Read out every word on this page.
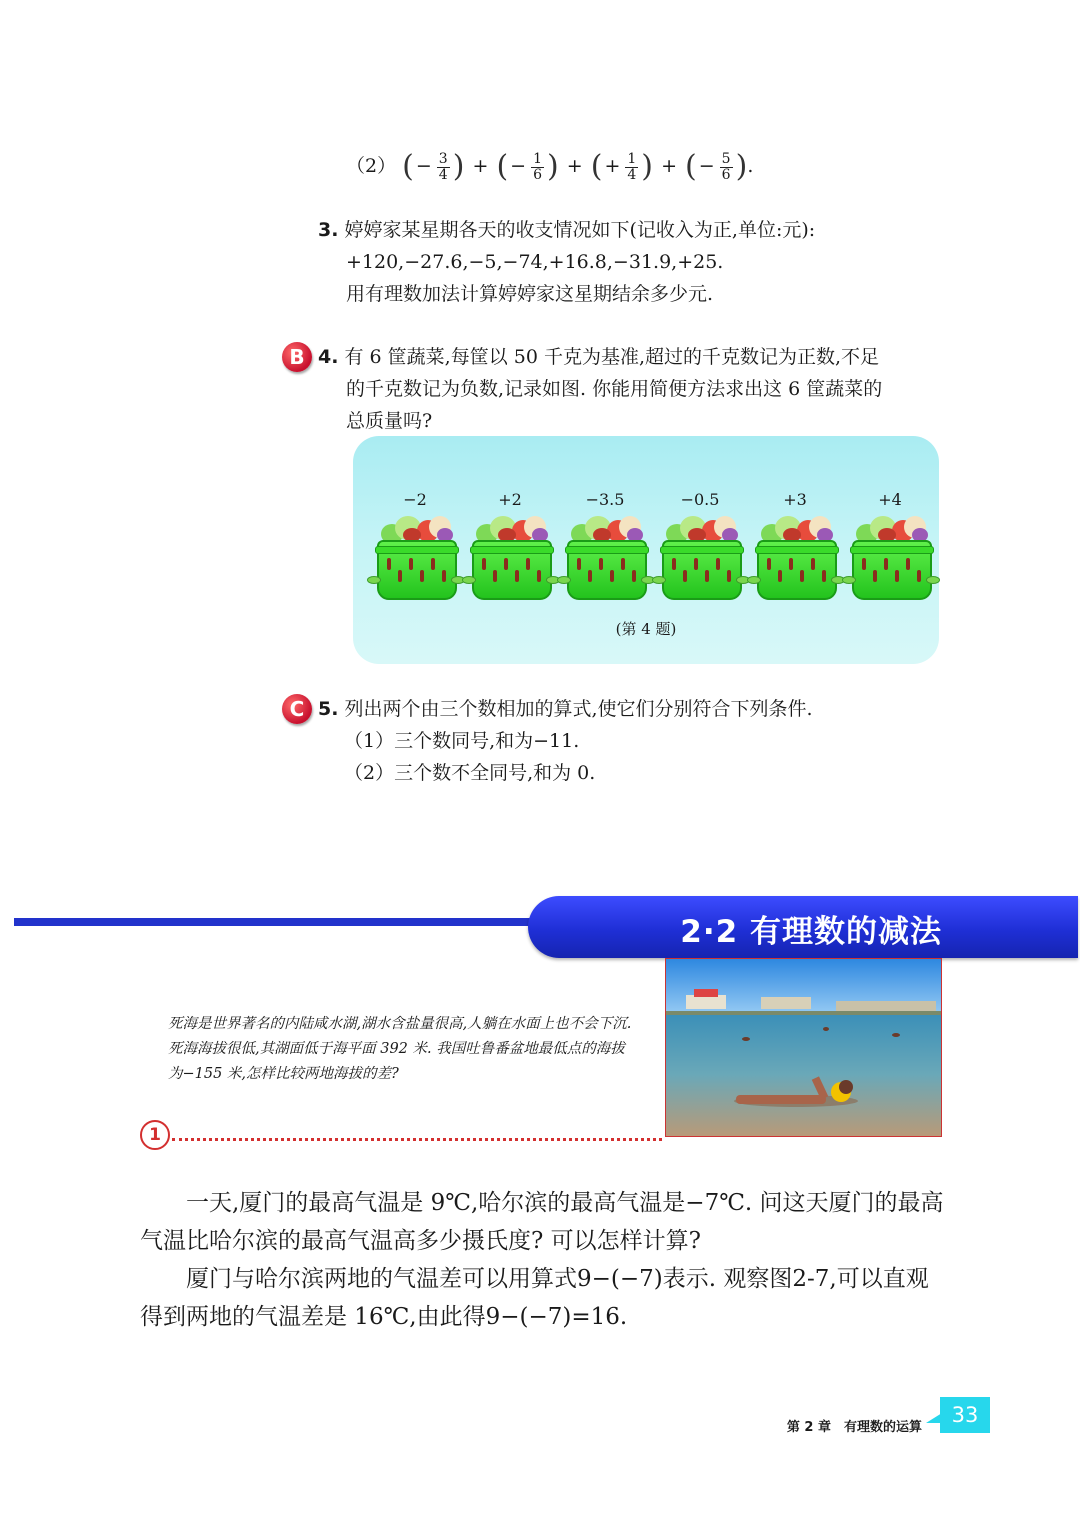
（2） ( − $\frac{3}{4}$ ) + ( − $\frac{1}{6}$ ) + ( + $\frac{1}{4}$ ) + ( − $\frac{5}{6}$ ).
3. 婷婷家某星期各天的收支情况如下(记收入为正,单位:元):
+120,−27.6,−5,−74,+16.8,−31.9,+25.
用有理数加法计算婷婷家这星期结余多少元.
B 4. 有 6 筐蔬菜,每筐以 50 千克为基准,超过的千克数记为正数,不足
的千克数记为负数,记录如图. 你能用简便方法求出这 6 筐蔬菜的
总质量吗?
−2	+2	−3.5	−0.5	+3	+4
(第 4 题)
C 5. 列出两个由三个数相加的算式,使它们分别符合下列条件.
（1）三个数同号,和为−11.
（2）三个数不全同号,和为 0.
2·2 有理数的减法
死海是世界著名的内陆咸水湖,湖水含盐量很高,人躺在水面上也不会下沉. 死海海拔很低,其湖面低于海平面 392 米. 我国吐鲁番盆地最低点的海拔为−155 米,怎样比较两地海拔的差?
1
一天,厦门的最高气温是 9℃,哈尔滨的最高气温是−7℃. 问这天厦门的最高气温比哈尔滨的最高气温高多少摄氏度? 可以怎样计算?
厦门与哈尔滨两地的气温差可以用算式9−(−7)表示. 观察图2-7,可以直观得到两地的气温差是 16℃,由此得9−(−7)=16.
第 2 章　有理数的运算
33
